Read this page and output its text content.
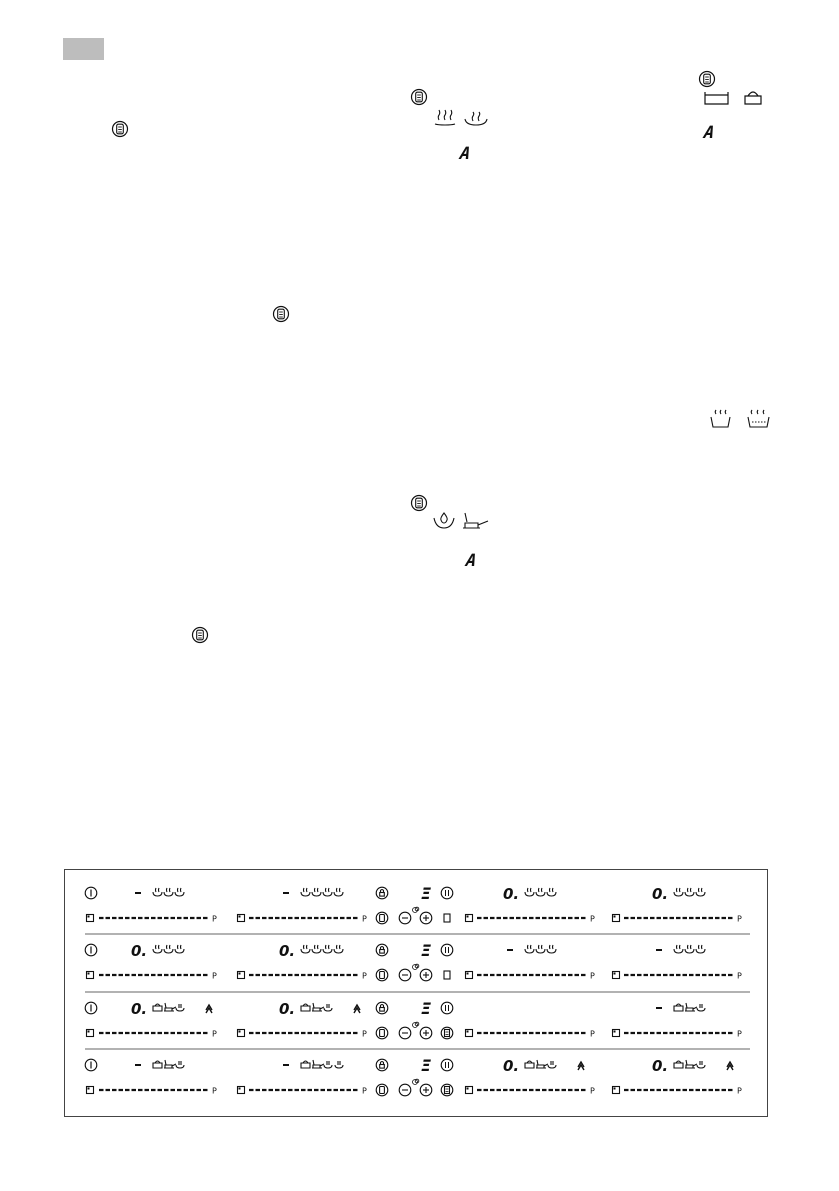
A
A
A
P	P
Ξ
P
0.
P
0.
P
0.
P
0.	Ξ
P	P
P
0.
P
0.	Ξ
P	P
P	P
Ξ
P
0.
P
0.
